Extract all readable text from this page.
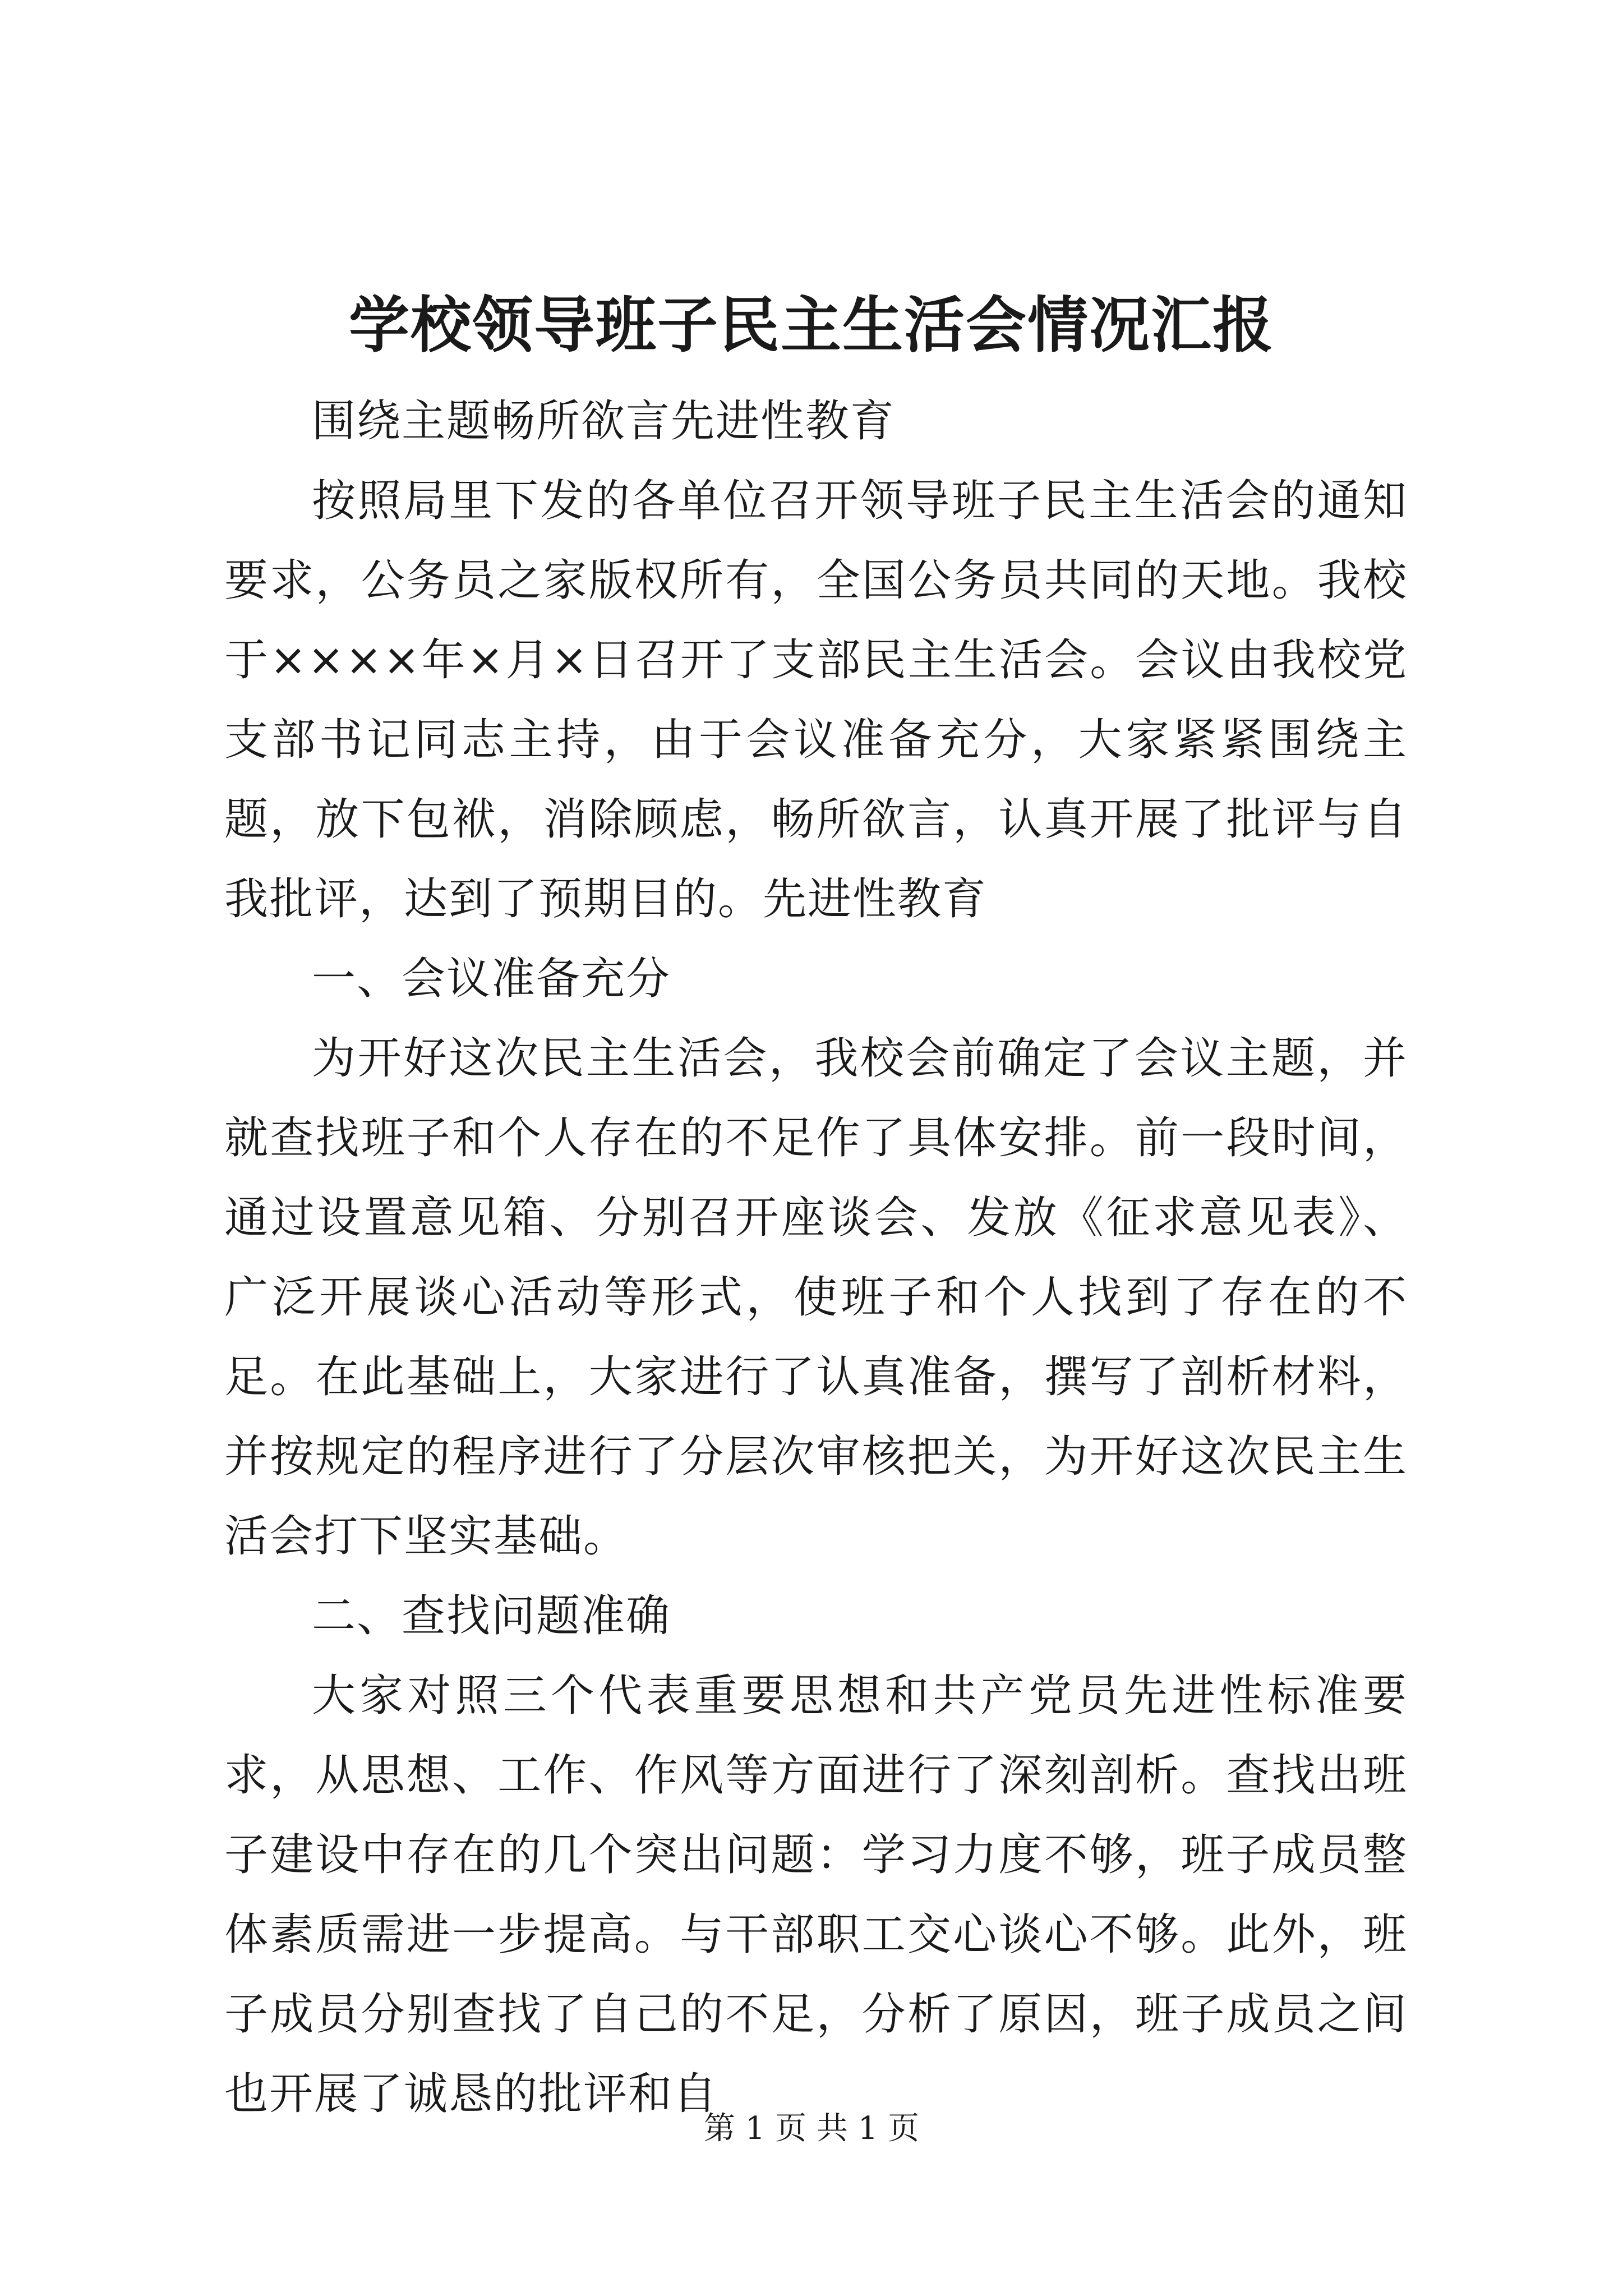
学校领导班子民主生活会情况汇报

围绕主题畅所欲言先进性教育

按照局里下发的各单位召开领导班子民主生活会的通知要求，公务员之家版权所有，全国公务员共同的天地。我校于××××年×月×日召开了支部民主生活会。会议由我校党支部书记同志主持，由于会议准备充分，大家紧紧围绕主题，放下包袱，消除顾虑，畅所欲言，认真开展了批评与自我批评，达到了预期目的。先进性教育

一、会议准备充分

为开好这次民主生活会，我校会前确定了会议主题，并就查找班子和个人存在的不足作了具体安排。前一段时间，通过设置意见箱、分别召开座谈会、发放《征求意见表》、广泛开展谈心活动等形式，使班子和个人找到了存在的不足。在此基础上，大家进行了认真准备，撰写了剖析材料，并按规定的程序进行了分层次审核把关，为开好这次民主生活会打下坚实基础。

二、查找问题准确

大家对照三个代表重要思想和共产党员先进性标准要求，从思想、工作、作风等方面进行了深刻剖析。查找出班子建设中存在的几个突出问题：学习力度不够，班子成员整体素质需进一步提高。与干部职工交心谈心不够。此外，班子成员分别查找了自己的不足，分析了原因，班子成员之间也开展了诚恳的批评和自

第 1 页 共 1 页
